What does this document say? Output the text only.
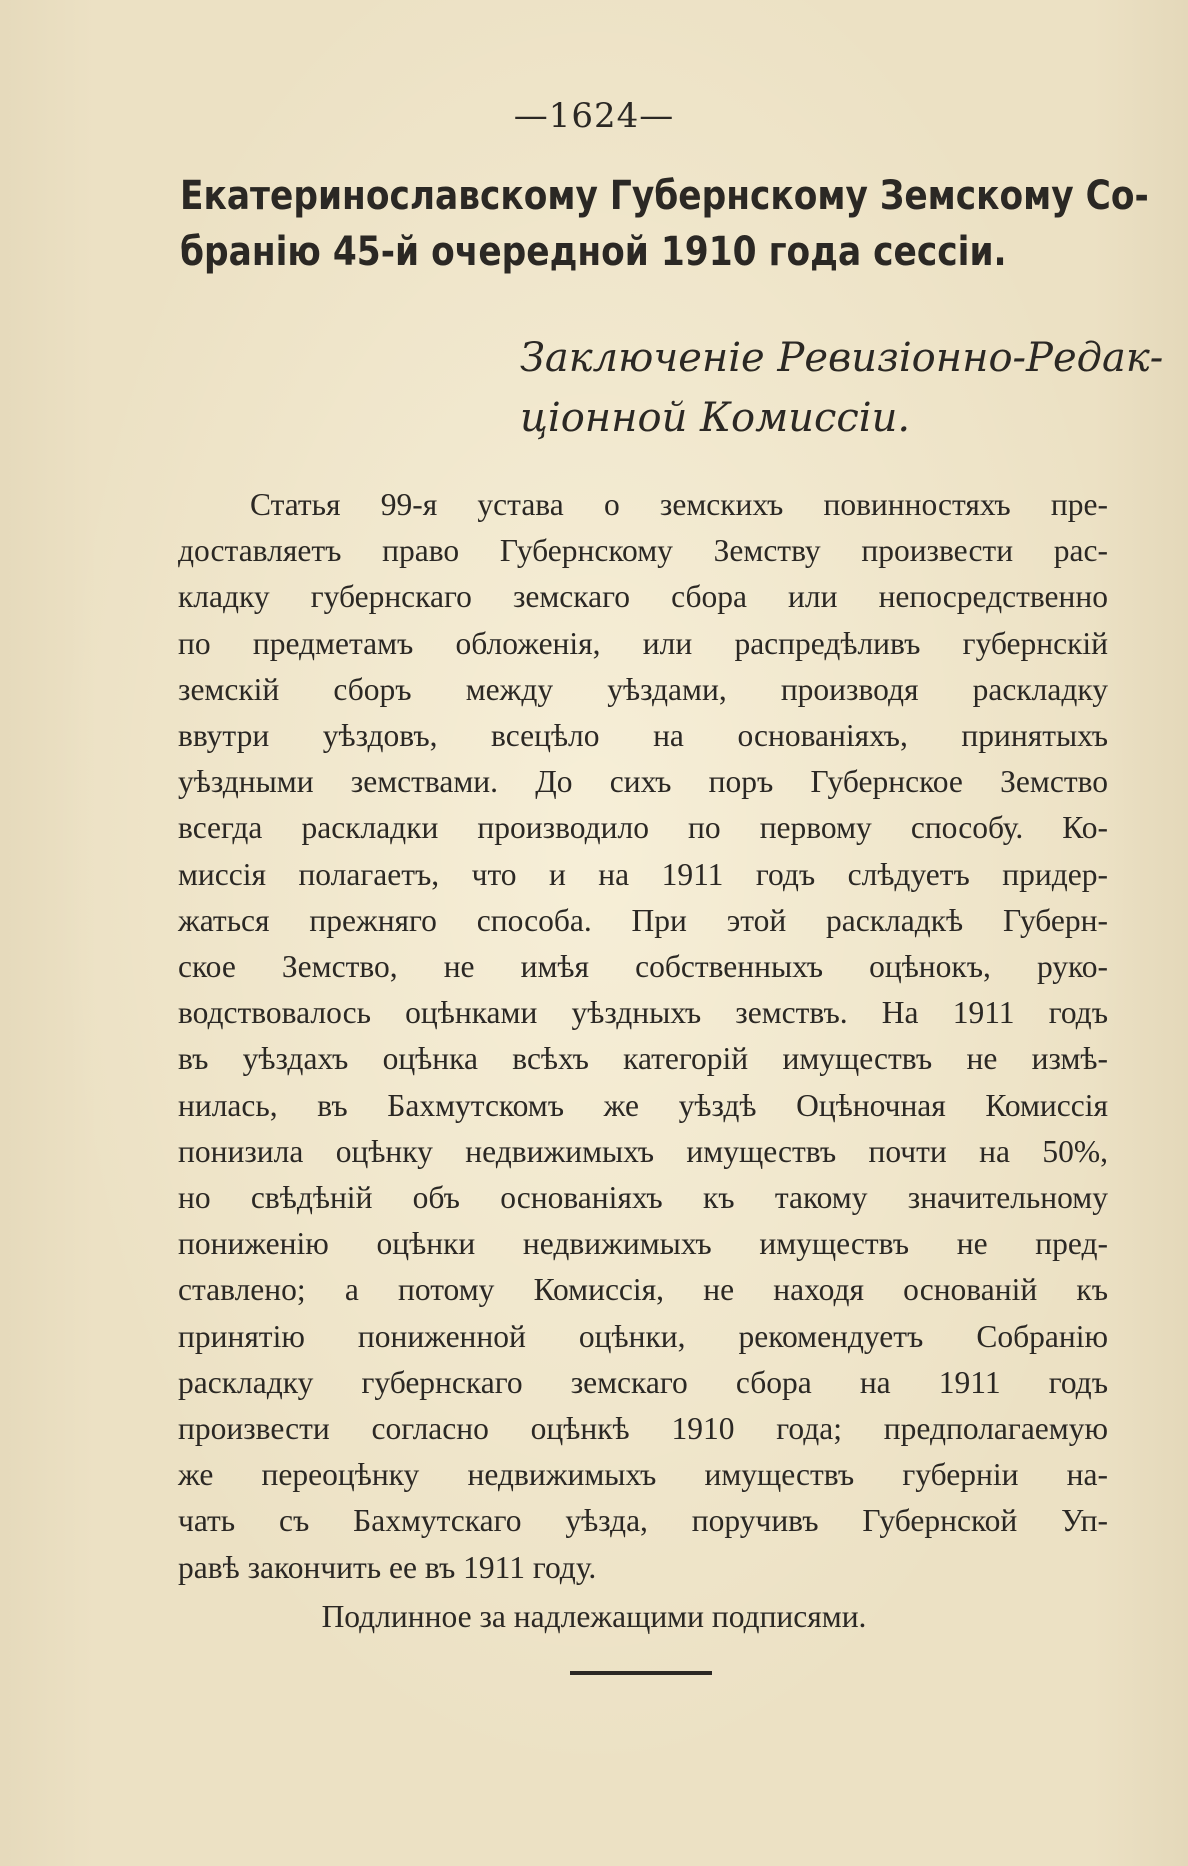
—1624—
Екатеринославскому Губернскому Земскому Со-
бранію 45-й очередной 1910 года сессіи.
Заключеніе Ревизіонно-Редак-
ціонной Комиссіи.
Статья 99-я устава о земскихъ повинностяхъ пре-
доставляетъ право Губернскому Земству произвести рас-
кладку губернскаго земскаго сбора или непосредственно
по предметамъ обложенія, или распредѣливъ губернскій
земскій сборъ между уѣздами, производя раскладку
ввутри уѣздовъ, всецѣло на основаніяхъ, принятыхъ
уѣздными земствами. До сихъ поръ Губернское Земство
всегда раскладки производило по первому способу. Ко-
миссія полагаетъ, что и на 1911 годъ слѣдуетъ придер-
жаться прежняго способа. При этой раскладкѣ Губерн-
ское Земство, не имѣя собственныхъ оцѣнокъ, руко-
водствовалось оцѣнками уѣздныхъ земствъ. На 1911 годъ
въ уѣздахъ оцѣнка всѣхъ категорій имуществъ не измѣ-
нилась, въ Бахмутскомъ же уѣздѣ Оцѣночная Комиссія
понизила оцѣнку недвижимыхъ имуществъ почти на 50%,
но свѣдѣній объ основаніяхъ къ такому значительному
пониженію оцѣнки недвижимыхъ имуществъ не пред-
ставлено; а потому Комиссія, не находя основаній къ
принятію пониженной оцѣнки, рекомендуетъ Собранію
раскладку губернскаго земскаго сбора на 1911 годъ
произвести согласно оцѣнкѣ 1910 года; предполагаемую
же переоцѣнку недвижимыхъ имуществъ губерніи на-
чать съ Бахмутскаго уѣзда, поручивъ Губернской Уп-
равѣ закончить ее въ 1911 году.
Подлинное за надлежащими подписями.
